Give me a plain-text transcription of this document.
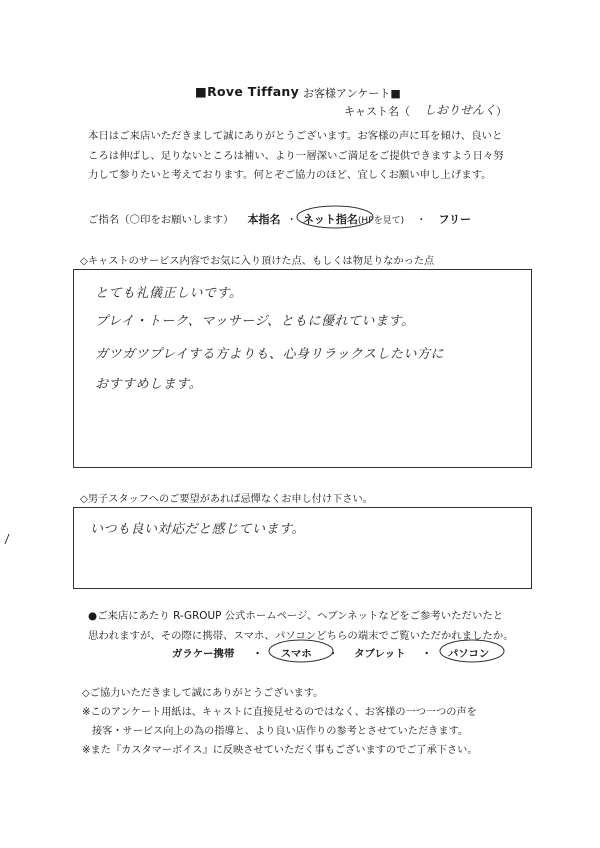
■Rove Tiffany お客様アンケート■
キャスト名（ しおりせんく ）
本日はご来店いただきまして誠にありがとうございます。お客様の声に耳を傾け、良いと
ころは伸ばし、足りないところは補い、より一層深いご満足をご提供できますよう日々努
力して参りたいと考えております。何とぞご協力のほど、宜しくお願い申し上げます。
ご指名（〇印をお願いします） 本指名 ・ ネット指名 (HPを見て) ・ フリー
◇キャストのサービス内容でお気に入り頂けた点、もしくは物足りなかった点
とても礼儀正しいです。
プレイ・トーク、マッサージ、ともに優れています。
ガツガツプレイする方よりも、心身リラックスしたい方に
おすすめします。
◇男子スタッフへのご要望があれば忌憚なくお申し付け下さい。
いつも良い対応だと感じています。
●ご来店にあたり R-GROUP 公式ホームページ、ヘブンネットなどをご参考いただいたと
思われますが、その際に携帯、スマホ、パソコンどちらの端末でご覧いただかれましたか。
ガラケー携帯 ・ スマホ ・ タブレット ・ パソコン
◇ご協力いただきまして誠にありがとうございます。
※このアンケート用紙は、キャストに直接見せるのではなく、お客様の一つ一つの声を
接客・サービス向上の為の指導と、より良い店作りの参考とさせていただきます。
※また『カスタマーボイス』に反映させていただく事もございますのでご了承下さい。
